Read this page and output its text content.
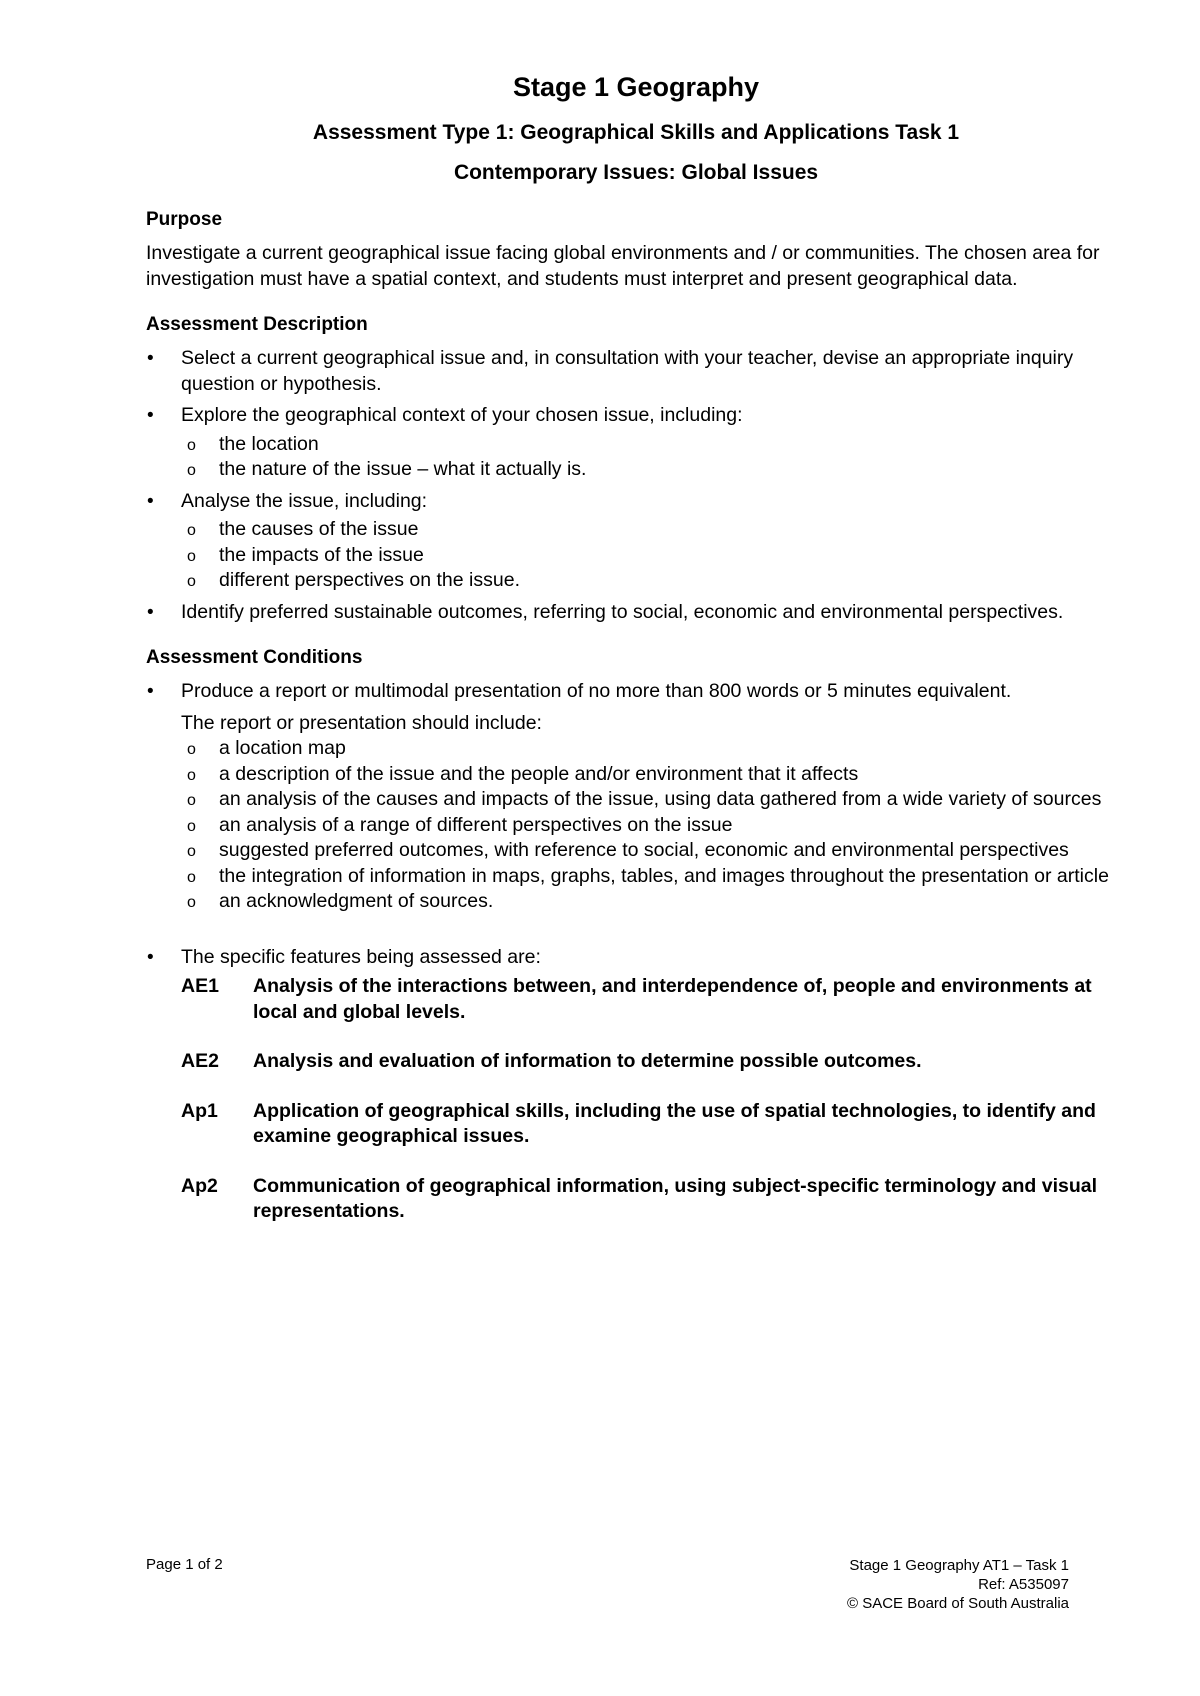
Stage 1 Geography
Assessment Type 1: Geographical Skills and Applications Task 1
Contemporary Issues: Global Issues
Purpose

Investigate a current geographical issue facing global environments and / or communities. The chosen area for investigation must have a spatial context, and students must interpret and present geographical data.

Assessment Description
• Select a current geographical issue and, in consultation with your teacher, devise an appropriate inquiry question or hypothesis.
• Explore the geographical context of your chosen issue, including:
o the location
o the nature of the issue – what it actually is.
• Analyse the issue, including:
o the causes of the issue
o the impacts of the issue
o different perspectives on the issue.
• Identify preferred sustainable outcomes, referring to social, economic and environmental perspectives.
Assessment Conditions
• Produce a report or multimodal presentation of no more than 800 words or 5 minutes equivalent.
The report or presentation should include:
o a location map
o a description of the issue and the people and/or environment that it affects
o an analysis of the causes and impacts of the issue, using data gathered from a wide variety of sources
o an analysis of a range of different perspectives on the issue
o suggested preferred outcomes, with reference to social, economic and environmental perspectives
o the integration of information in maps, graphs, tables, and images throughout the presentation or article
o an acknowledgment of sources.
• The specific features being assessed are:
AE1	Analysis of the interactions between, and interdependence of, people and environments at local and global levels.
AE2	Analysis and evaluation of information to determine possible outcomes.
Ap1	Application of geographical skills, including the use of spatial technologies, to identify and examine geographical issues.
Ap2	Communication of geographical information, using subject-specific terminology and visual representations.
Page 1 of 2	Stage 1 Geography AT1 – Task 1
Ref: A535097
© SACE Board of South Australia
